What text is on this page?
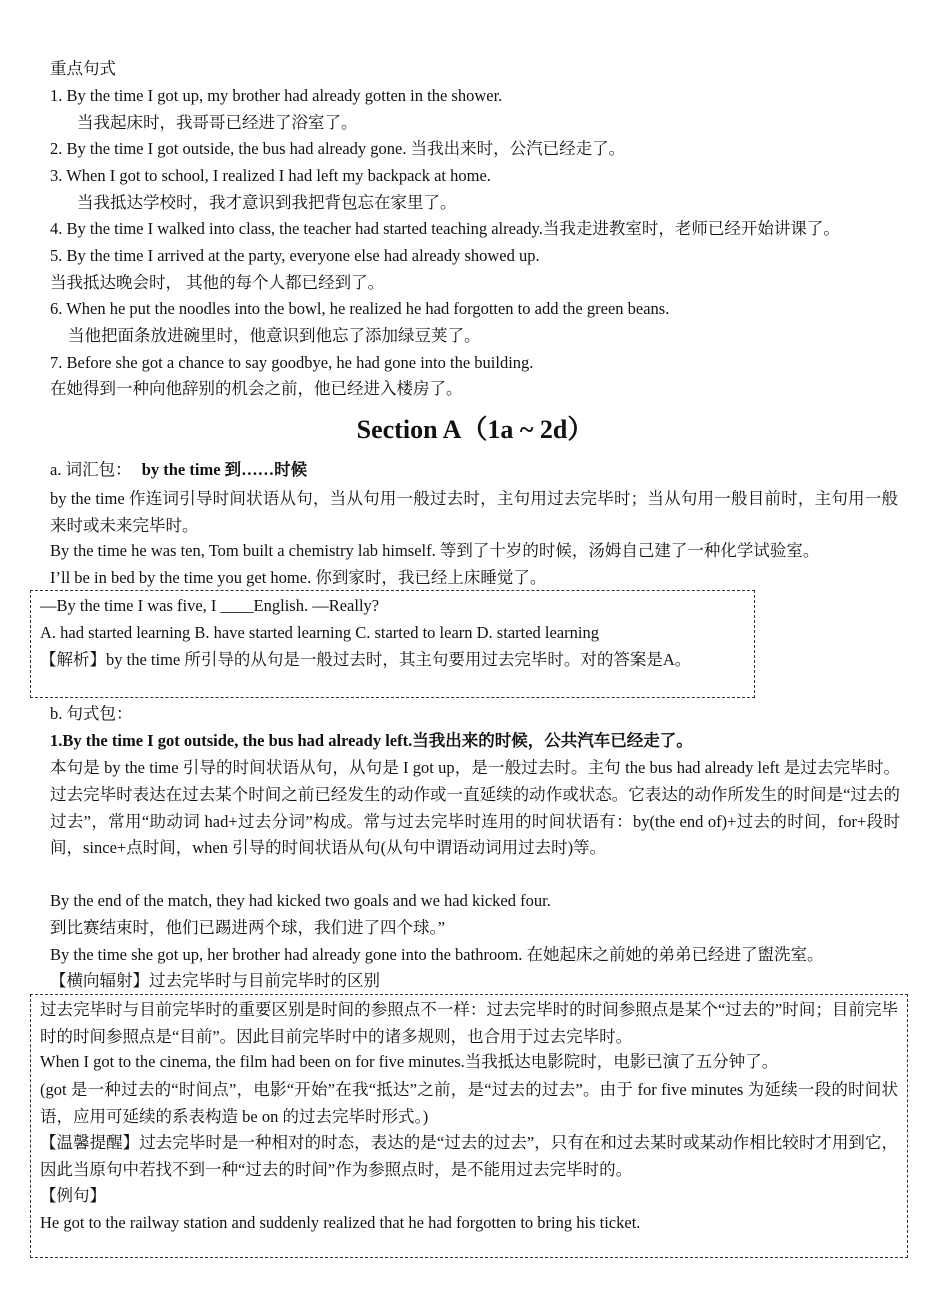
重点句式
1. By the time I got up, my brother had already gotten in the shower.
当我起床时，我哥哥已经进了浴室了。
2. By the time I got outside, the bus had already gone. 当我出来时，公汽已经走了。
3. When I got to school, I realized I had left my backpack at home.
当我抵达学校时，我才意识到我把背包忘在家里了。
4. By the time I walked into class, the teacher had started teaching already.当我走进教室时，老师已经开始讲课了。
5. By the time I arrived at the party, everyone else had already showed up.
当我抵达晚会时， 其他的每个人都已经到了。
6. When he put the noodles into the bowl, he realized he had forgotten to add the green beans.
当他把面条放进碗里时，他意识到他忘了添加绿豆荚了。
7. Before she got a chance to say goodbye, he had gone into the building.
在她得到一种向他辞别的机会之前，他已经进入楼房了。
Section A（1a ~ 2d）
a. 词汇包： by the time 到……时候
by the time 作连词引导时间状语从句，当从句用一般过去时，主句用过去完毕时；当从句用一般目前时，主句用一般来时或未来完毕时。
By the time he was ten, Tom built a chemistry lab himself. 等到了十岁的时候，汤姆自己建了一种化学试验室。
I’ll be in bed by the time you get home. 你到家时，我已经上床睡觉了。
—By the time I was five, I ____English. —Really?
A. had started learning B. have started learning C. started to learn D. started learning
【解析】by the time 所引导的从句是一般过去时，其主句要用过去完毕时。对的答案是A。
b. 句式包：
1.By the time I got outside, the bus had already left.当我出来的时候，公共汽车已经走了。
本句是 by the time 引导的时间状语从句，从句是 I got up，是一般过去时。主句 the bus had already left 是过去完毕时。过去完毕时表达在过去某个时间之前已经发生的动作或一直延续的动作或状态。它表达的动作所发生的时间是“过去的过去”，常用“助动词 had+过去分词”构成。常与过去完毕时连用的时间状语有：by(the end of)+过去的时间，for+段时间，since+点时间，when 引导的时间状语从句(从句中谓语动词用过去时)等。
By the end of the match, they had kicked two goals and we had kicked four.
到比赛结束时，他们已踢进两个球，我们进了四个球。”
By the time she got up, her brother had already gone into the bathroom. 在她起床之前她的弟弟已经进了盥洗室。
【横向辐射】过去完毕时与目前完毕时的区别
过去完毕时与目前完毕时的重要区别是时间的参照点不一样：过去完毕时的时间参照点是某个“过去的”时间；目前完毕时的时间参照点是“目前”。因此目前完毕时中的诸多规则，也合用于过去完毕时。
When I got to the cinema, the film had been on for five minutes.当我抵达电影院时，电影已演了五分钟了。
(got 是一种过去的“时间点”，电影“开始”在我“抵达”之前，是“过去的过去”。由于 for five minutes 为延续一段的时间状语，应用可延续的系表构造 be on 的过去完毕时形式。)
【温馨提醒】过去完毕时是一种相对的时态，表达的是“过去的过去”，只有在和过去某时或某动作相比较时才用到它，因此当原句中若找不到一种“过去的时间”作为参照点时，是不能用过去完毕时的。
【例句】
He got to the railway station and suddenly realized that he had forgotten to bring his ticket.
